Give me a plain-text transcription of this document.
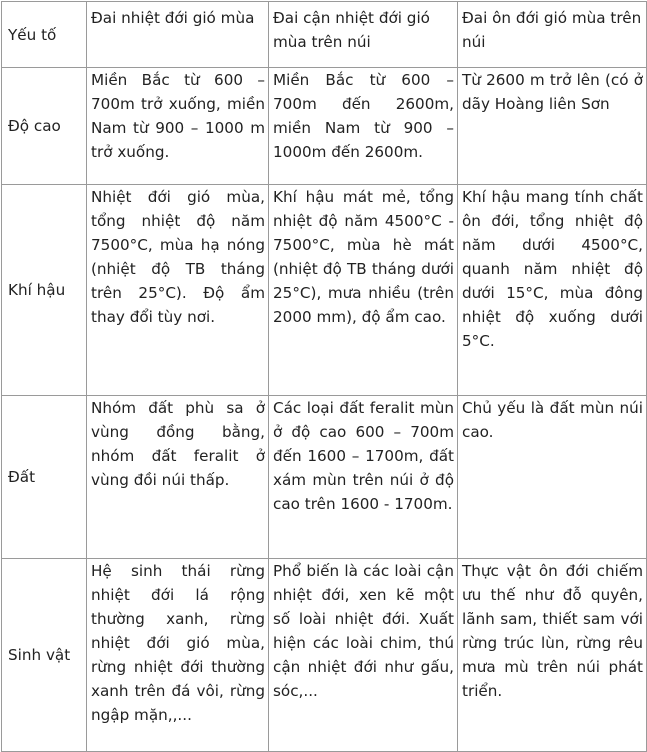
Yếu tố	Đai nhiệt đới gió mùa	Đai cận nhiệt đới gió mùa trên núi	Đai ôn đới gió mùa trên núi
Độ cao	Miền Bắc từ 600 – 700m trở xuống, miền Nam từ 900 – 1000 m trở xuống.	Miền Bắc từ 600 – 700m đến 2600m, miền Nam từ 900 – 1000m đến 2600m.	Từ 2600 m trở lên (có ở dãy Hoàng liên Sơn
Khí hậu	Nhiệt đới gió mùa, tổng nhiệt độ năm 7500°C, mùa hạ nóng (nhiệt độ TB tháng trên 25°C). Độ ẩm thay đổi tùy nơi.	Khí hậu mát mẻ, tổng nhiệt độ năm 4500°C - 7500°C, mùa hè mát (nhiệt độ TB tháng dưới 25°C), mưa nhiều (trên 2000 mm), độ ẩm cao.	Khí hậu mang tính chất ôn đới, tổng nhiệt độ năm dưới 4500°C, quanh năm nhiệt độ dưới 15°C, mùa đông nhiệt độ xuống dưới 5°C.
Đất	Nhóm đất phù sa ở vùng đồng bằng, nhóm đất feralit ở vùng đồi núi thấp.	Các loại đất feralit mùn ở độ cao 600 – 700m đến 1600 – 1700m, đất xám mùn trên núi ở độ cao trên 1600 - 1700m.	Chủ yếu là đất mùn núi cao.
Sinh vật	Hệ sinh thái rừng nhiệt đới lá rộng thường xanh, rừng nhiệt đới gió mùa, rừng nhiệt đới thường xanh trên đá vôi, rừng ngập mặn,,...	Phổ biến là các loài cận nhiệt đới, xen kẽ một số loài nhiệt đới. Xuất hiện các loài chim, thú cận nhiệt đới như gấu, sóc,...	Thực vật ôn đới chiếm ưu thế như đỗ quyên, lãnh sam, thiết sam với rừng trúc lùn, rừng rêu mưa mù trên núi phát triển.
